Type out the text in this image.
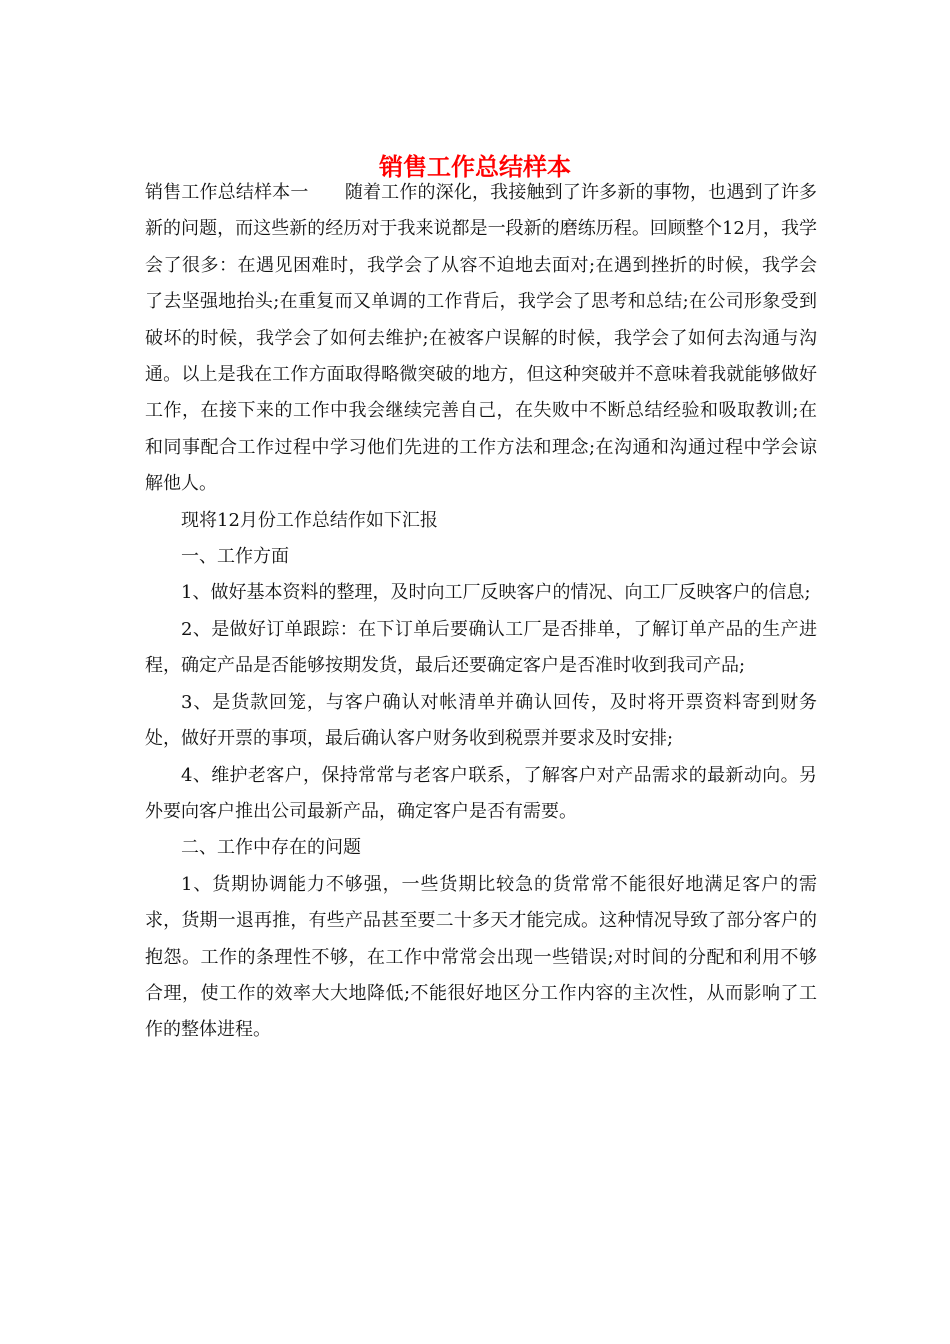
销售工作总结样本

销售工作总结样本一　　随着工作的深化，我接触到了许多新的事物，也遇到了许多新的问题，而这些新的经历对于我来说都是一段新的磨练历程。回顾整个12月，我学会了很多：在遇见困难时，我学会了从容不迫地去面对;在遇到挫折的时候，我学会了去坚强地抬头;在重复而又单调的工作背后，我学会了思考和总结;在公司形象受到破坏的时候，我学会了如何去维护;在被客户误解的时候，我学会了如何去沟通与沟通。以上是我在工作方面取得略微突破的地方，但这种突破并不意味着我就能够做好工作，在接下来的工作中我会继续完善自己，在失败中不断总结经验和吸取教训;在和同事配合工作过程中学习他们先进的工作方法和理念;在沟通和沟通过程中学会谅解他人。

现将12月份工作总结作如下汇报

一、工作方面

1、做好基本资料的整理，及时向工厂反映客户的情况、向工厂反映客户的信息;

2、是做好订单跟踪：在下订单后要确认工厂是否排单，了解订单产品的生产进程，确定产品是否能够按期发货，最后还要确定客户是否准时收到我司产品;

3、是货款回笼，与客户确认对帐清单并确认回传，及时将开票资料寄到财务处，做好开票的事项，最后确认客户财务收到税票并要求及时安排;

4、维护老客户，保持常常与老客户联系，了解客户对产品需求的最新动向。另外要向客户推出公司最新产品，确定客户是否有需要。

二、工作中存在的问题

1、货期协调能力不够强，一些货期比较急的货常常不能很好地满足客户的需求，货期一退再推，有些产品甚至要二十多天才能完成。这种情况导致了部分客户的抱怨。工作的条理性不够，在工作中常常会出现一些错误;对时间的分配和利用不够合理，使工作的效率大大地降低;不能很好地区分工作内容的主次性，从而影响了工作的整体进程。
